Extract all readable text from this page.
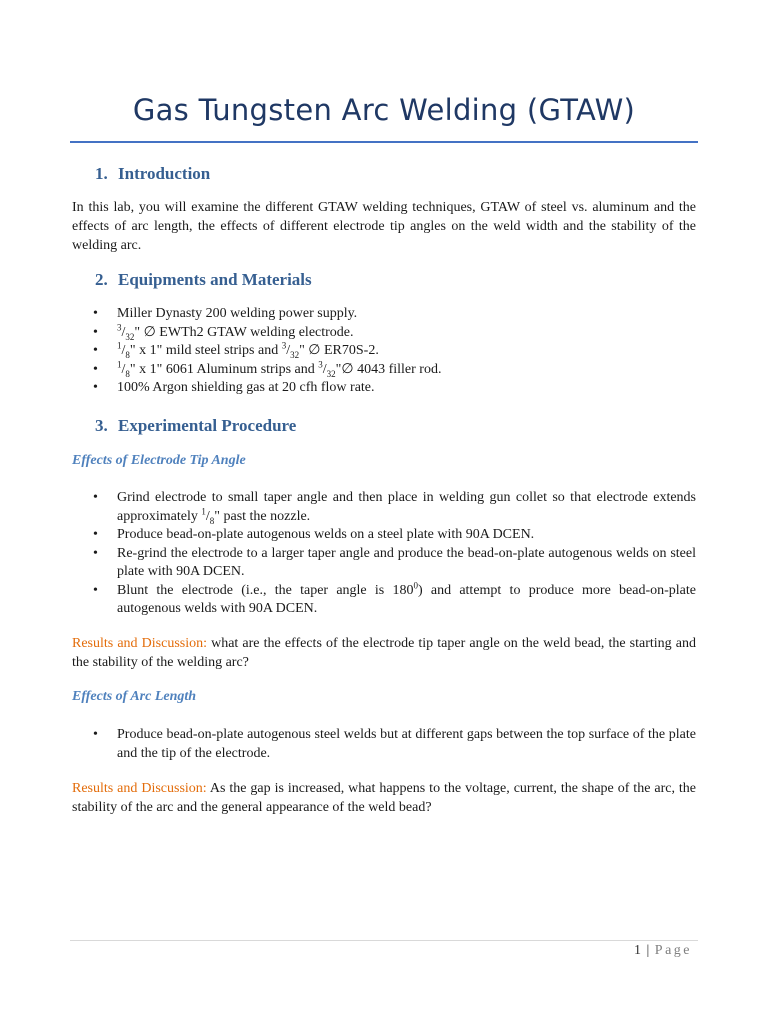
Gas Tungsten Arc Welding (GTAW)
1. Introduction
In this lab, you will examine the different GTAW welding techniques, GTAW of steel vs. aluminum and the effects of arc length, the effects of different electrode tip angles on the weld width and the stability of the welding arc.
2. Equipments and Materials
• Miller Dynasty 200 welding power supply.
• $^3/_{32}$" ∅ EWTh2 GTAW welding electrode.
• $^1/_8$" x 1" mild steel strips and $^3/_{32}$" ∅ ER70S-2.
• $^1/_8$" x 1" 6061 Aluminum strips and $^3/_{32}"\emptyset$ 4043 filler rod.
• 100% Argon shielding gas at 20 cfh flow rate.
3. Experimental Procedure
Effects of Electrode Tip Angle
• Grind electrode to small taper angle and then place in welding gun collet so that electrode extends approximately $^1/_8$" past the nozzle.
• Produce bead-on-plate autogenous welds on a steel plate with 90A DCEN.
• Re-grind the electrode to a larger taper angle and produce the bead-on-plate autogenous welds on steel plate with 90A DCEN.
• Blunt the electrode (i.e., the taper angle is $180^0$) and attempt to produce more bead-on-plate autogenous welds with 90A DCEN.
Results and Discussion: what are the effects of the electrode tip taper angle on the weld bead, the starting and the stability of the welding arc?
Effects of Arc Length
• Produce bead-on-plate autogenous steel welds but at different gaps between the top surface of the plate and the tip of the electrode.
Results and Discussion: As the gap is increased, what happens to the voltage, current, the shape of the arc, the stability of the arc and the general appearance of the weld bead?
1 | Page
